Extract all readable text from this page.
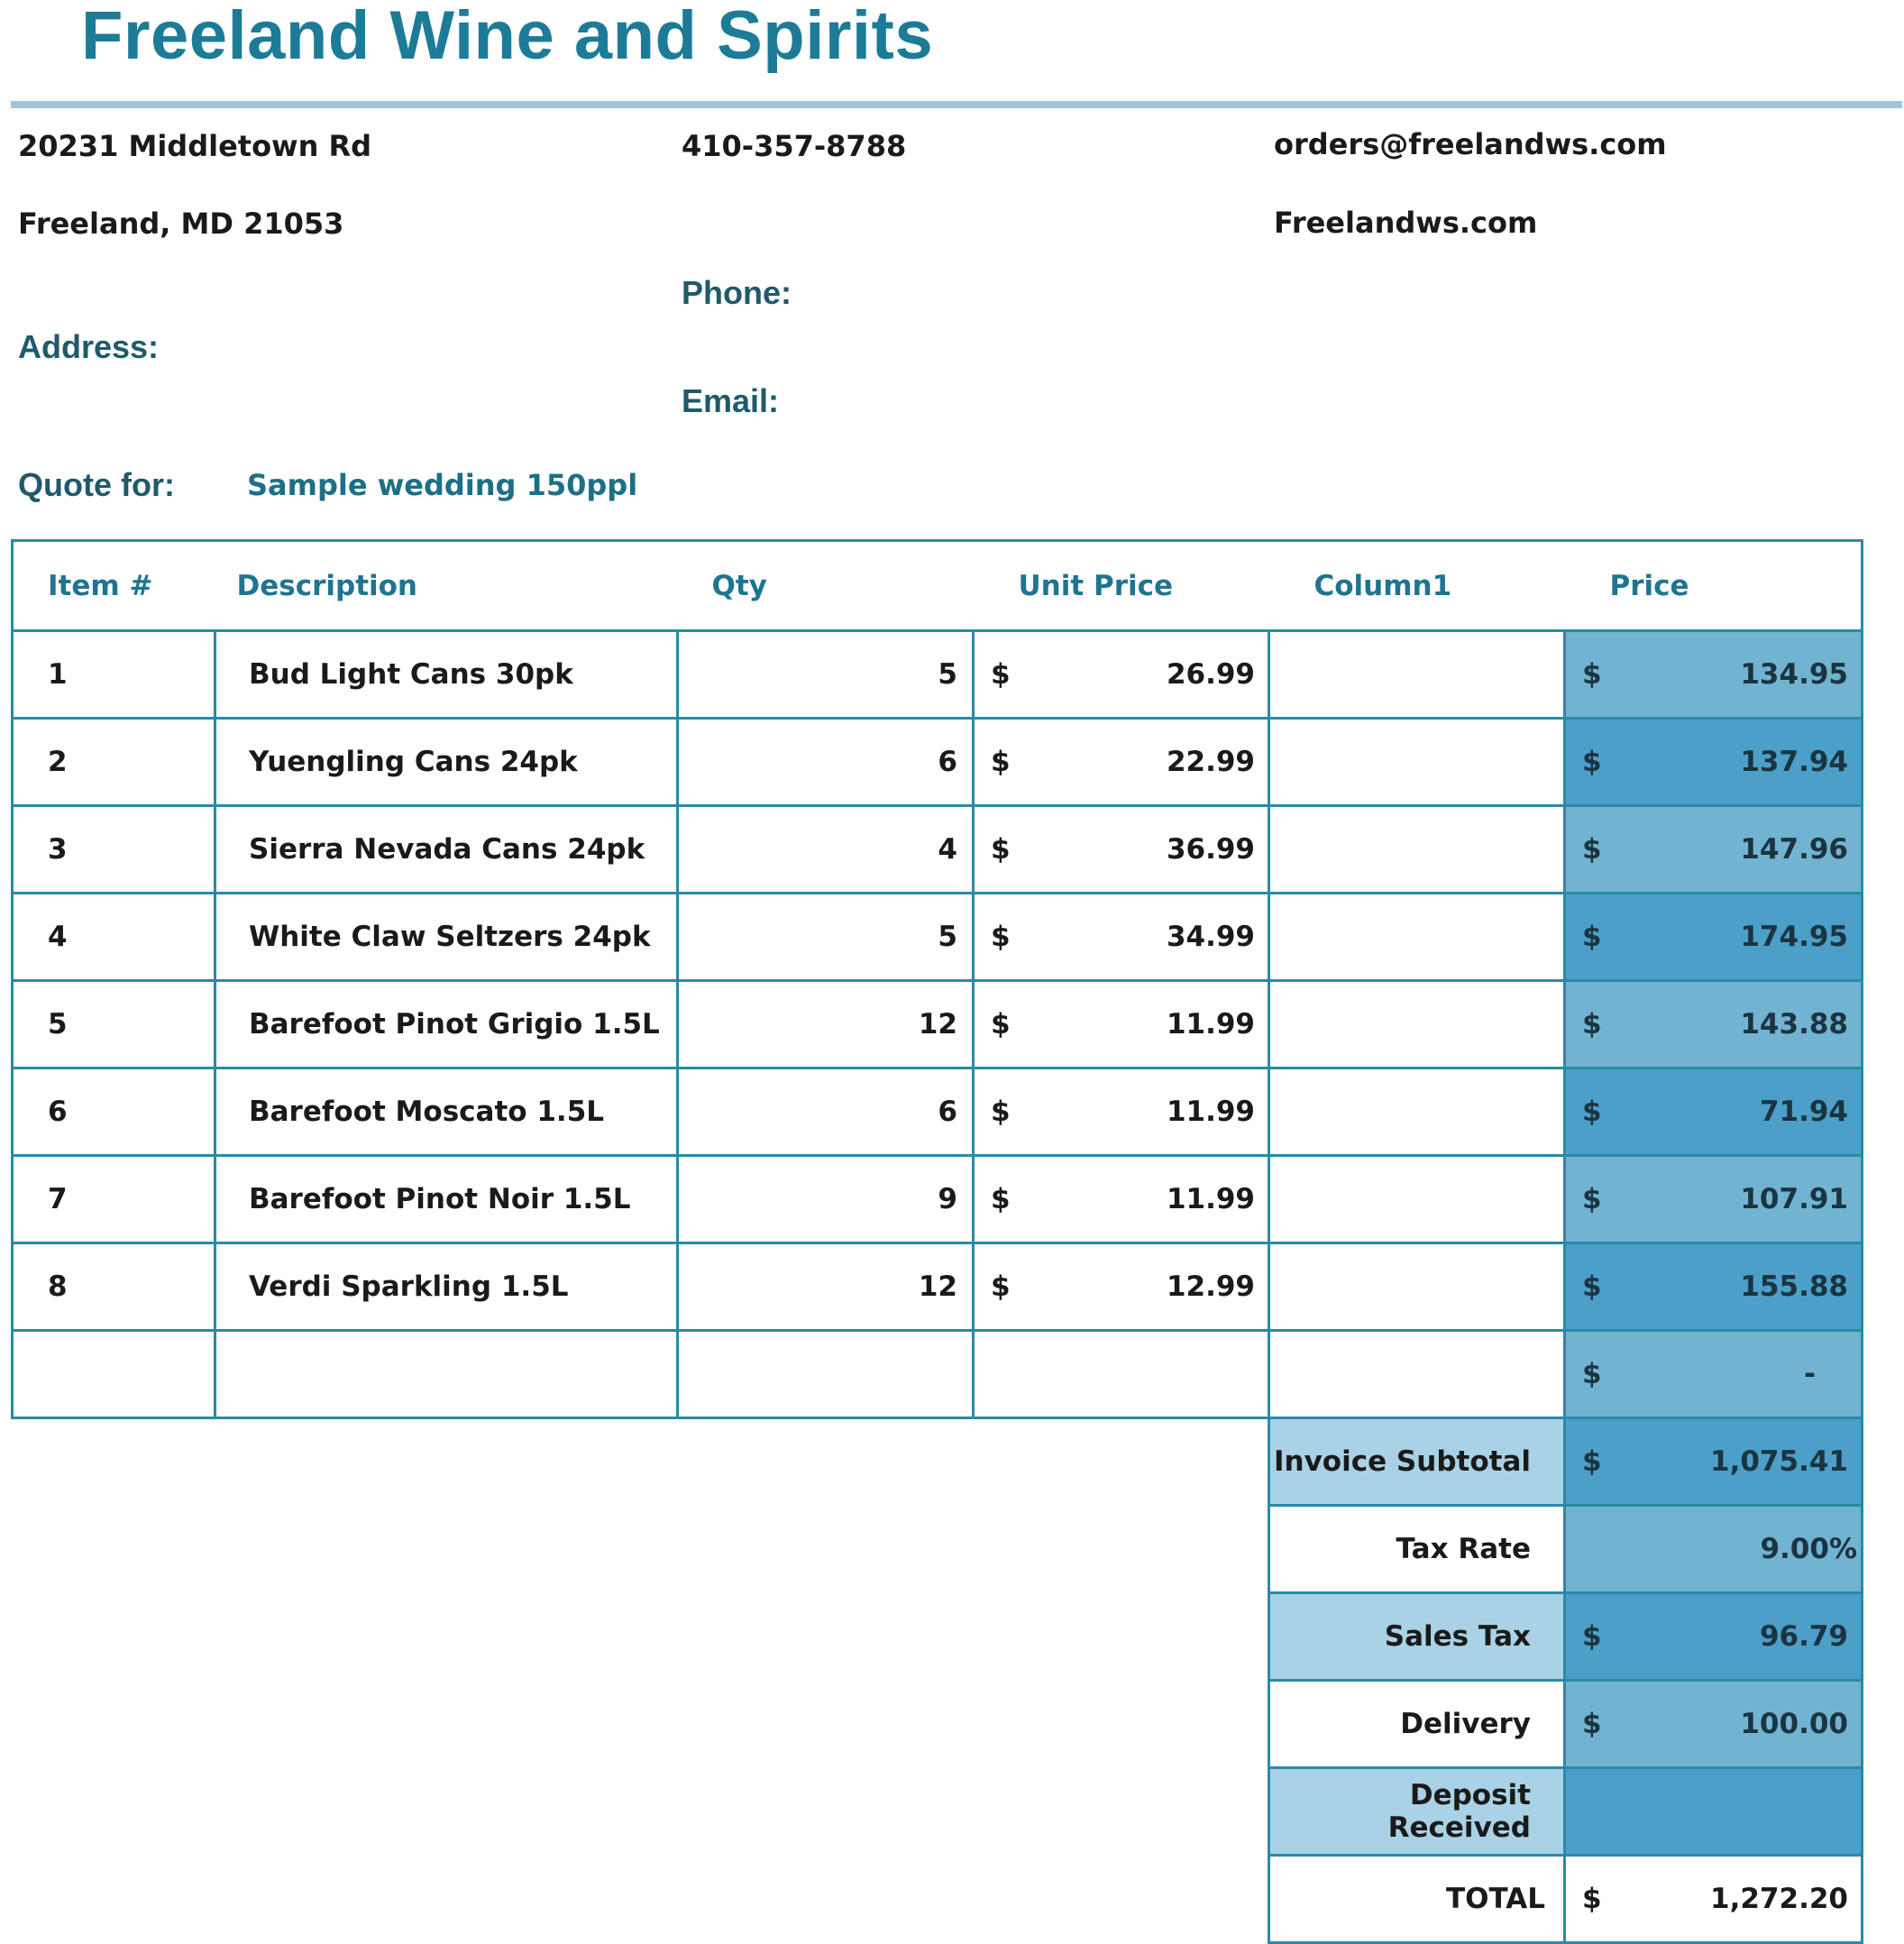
Freeland Wine and Spirits
20231 Middletown Rd
Freeland, MD 21053
410-357-8788	orders@freelandws.com
Freelandws.com
Phone:
Address:
Email:
Quote for:	Sample wedding 150ppl
Item #	Description	Qty	Unit Price	Column1	Price
1	Bud Light Cans 30pk	5	$ 26.99		$ 134.95

2	Yuengling Cans 24pk	6	$ 22.99		$ 137.94

3	Sierra Nevada Cans 24pk	4	$ 36.99		$ 147.96

4	White Claw Seltzers 24pk	5	$ 34.99		$ 174.95

5	Barefoot Pinot Grigio 1.5L	12	$ 11.99		$ 143.88

6	Barefoot Moscato 1.5L	6	$ 11.99		$ 71.94

7	Barefoot Pinot Noir 1.5L	9	$ 11.99		$ 107.91

8	Verdi Sparkling 1.5L	12	$ 12.99		$ 155.88

					$ -

				Invoice Subtotal	$ 1,075.41

				Tax Rate	9.00%

				Sales Tax	$ 96.79

				Delivery	$ 100.00

				Deposit Received	

				TOTAL	$ 1,272.20
